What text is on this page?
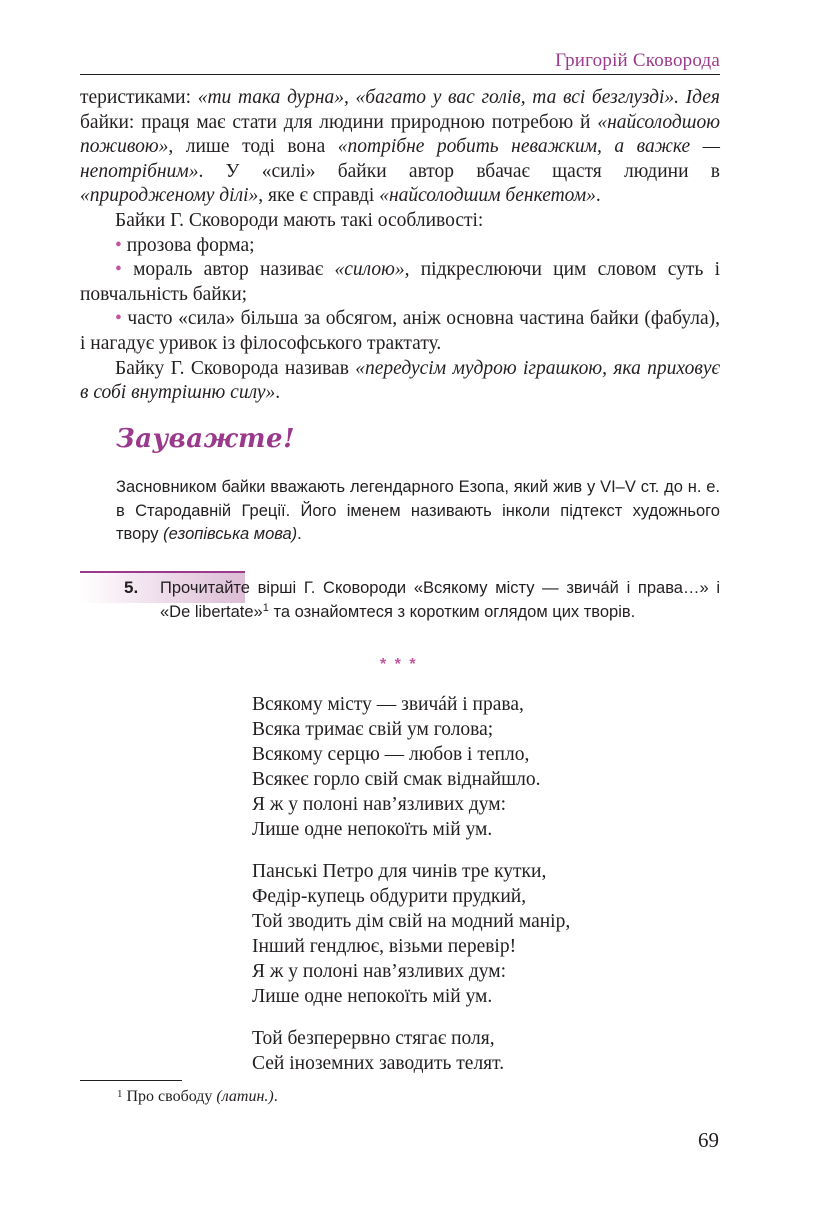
Григорій Сковорода

теристиками: «ти така дурна», «багато у вас голів, та всі безглузді». Ідея байки: праця має стати для людини природною потребою й «найсолодшою поживою», лише тоді вона «потрібне робить неважким, а важке — непотрібним». У «силі» байки автор вбачає щастя людини в «природженому ділі», яке є справді «найсолодшим бенкетом».

Байки Г. Сковороди мають такі особливості:

• прозова форма;

• мораль автор називає «силою», підкреслюючи цим словом суть і повчальність байки;

• часто «сила» більша за обсягом, аніж основна частина байки (фабула), і нагадує уривок із філософського трактату.

Байку Г. Сковорода називав «передусім мудрою іграшкою, яка приховує в собі внутрішню силу».

Зауважте!

Засновником байки вважають легендарного Езопа, який жив у VI–V ст. до н. е. в Стародавній Греції. Його іменем називають інколи підтекст художнього твору (езопівська мова).

5. Прочитайте вірші Г. Сковороди «Всякому місту — звичáй і права…» і «De libertate»$^1$ та ознайомтеся з коротким оглядом цих творів.

* * *
Всякому місту — звичáй і права,
Всяка тримає свій ум голова;
Всякому серцю — любов і тепло,
Всякеє горло свій смак віднайшло.
Я ж у полоні нав’язливих дум:
Лише одне непокоїть мій ум.
Панські Петро для чинів тре кутки,
Федір-купець обдурити прудкий,
Той зводить дім свій на модний манір,
Інший гендлює, візьми перевір!
Я ж у полоні нав’язливих дум:
Лише одне непокоїть мій ум.
Той безперервно стягає поля,
Сей іноземних заводить телят.
$^1$ Про свободу (латин.).
69
